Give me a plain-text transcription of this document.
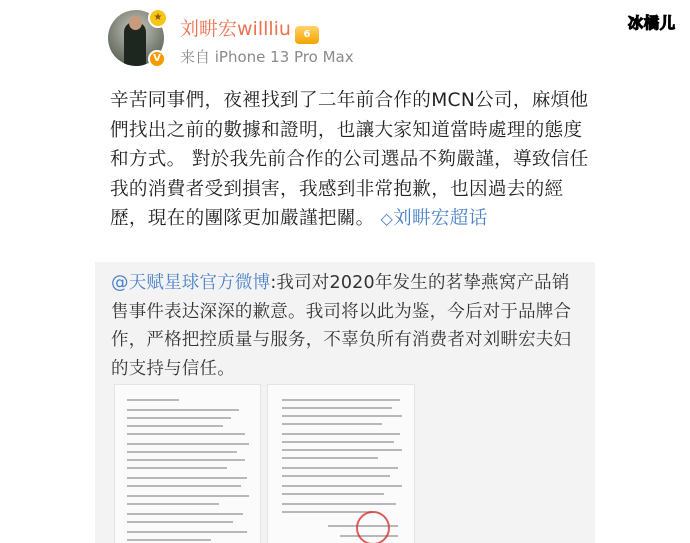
冰橘儿
★
V
刘畊宏willliu 6
来自 iPhone 13 Pro Max
辛苦同事們，夜裡找到了二年前合作的MCN公司，麻煩他們找出之前的數據和證明，也讓大家知道當時處理的態度和方式。 對於我先前合作的公司選品不夠嚴謹，導致信任我的消費者受到損害，我感到非常抱歉，也因過去的經歷，現在的團隊更加嚴謹把關。 ◇刘畊宏超话
@天赋星球官方微博:我司对2020年发生的茗挚燕窝产品销售事件表达深深的歉意。我司将以此为鉴，今后对于品牌合作，严格把控质量与服务，不辜负所有消费者对刘畊宏夫妇的支持与信任。
